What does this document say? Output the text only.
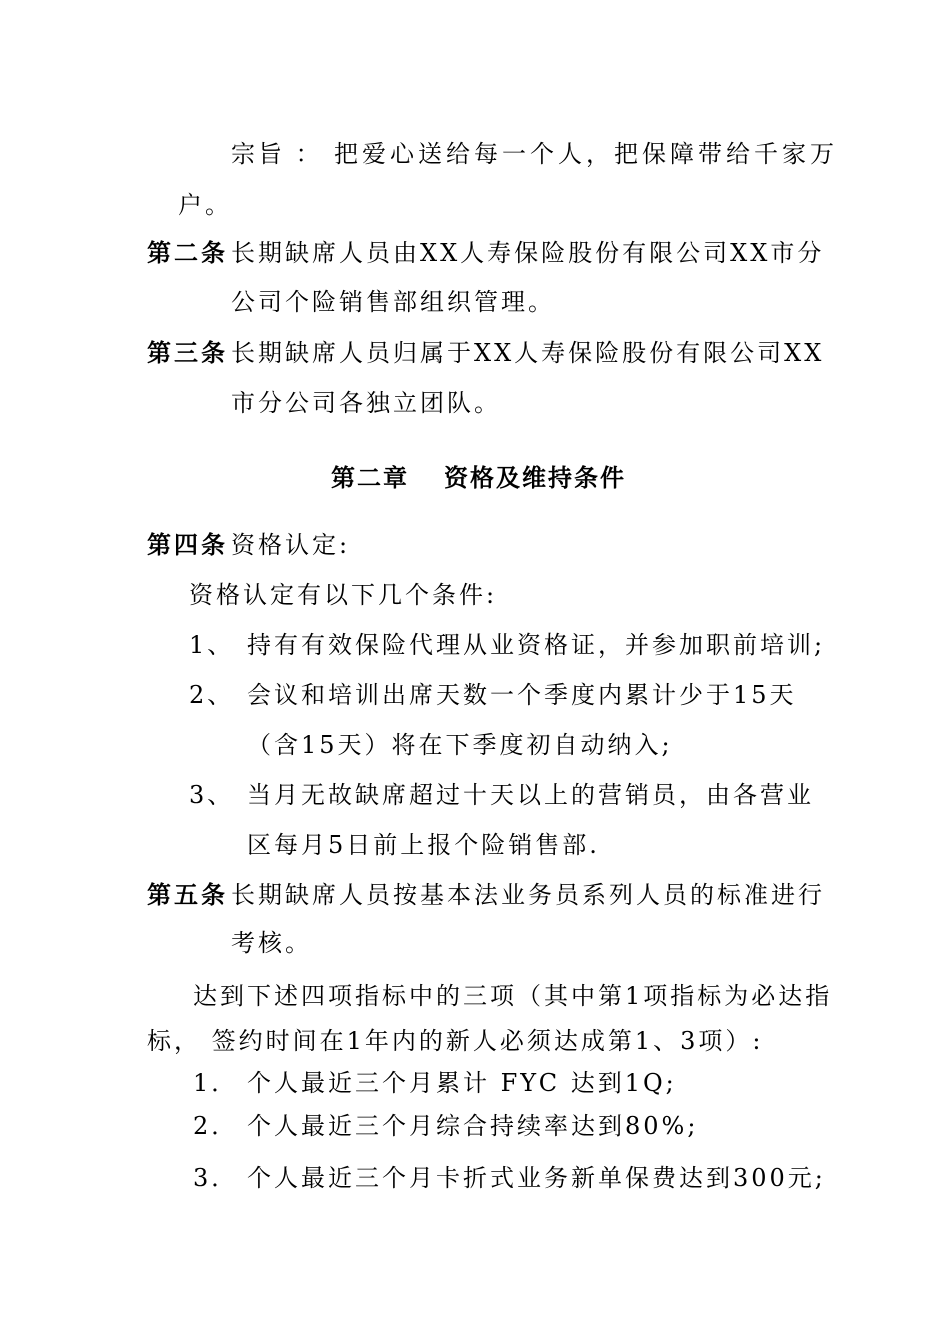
宗旨 ： 把爱心送给每一个人，把保障带给千家万
户。
第二条 长期缺席人员由XX人寿保险股份有限公司XX市分
公司个险销售部组织管理。
第三条 长期缺席人员归属于XX人寿保险股份有限公司XX
市分公司各独立团队。
第二章 资格及维持条件
第四条 资格认定:
资格认定有以下几个条件:
1、 持有有效保险代理从业资格证，并参加职前培训;
2、 会议和培训出席天数一个季度内累计少于15天
（含15天）将在下季度初自动纳入;
3、 当月无故缺席超过十天以上的营销员，由各营业
区每月5日前上报个险销售部.
第五条 长期缺席人员按基本法业务员系列人员的标准进行
考核。
达到下述四项指标中的三项（其中第1项指标为必达指
标， 签约时间在1年内的新人必须达成第1、3项）:
1． 个人最近三个月累计 FYC 达到1Q;
2． 个人最近三个月综合持续率达到80%;
3． 个人最近三个月卡折式业务新单保费达到300元;
